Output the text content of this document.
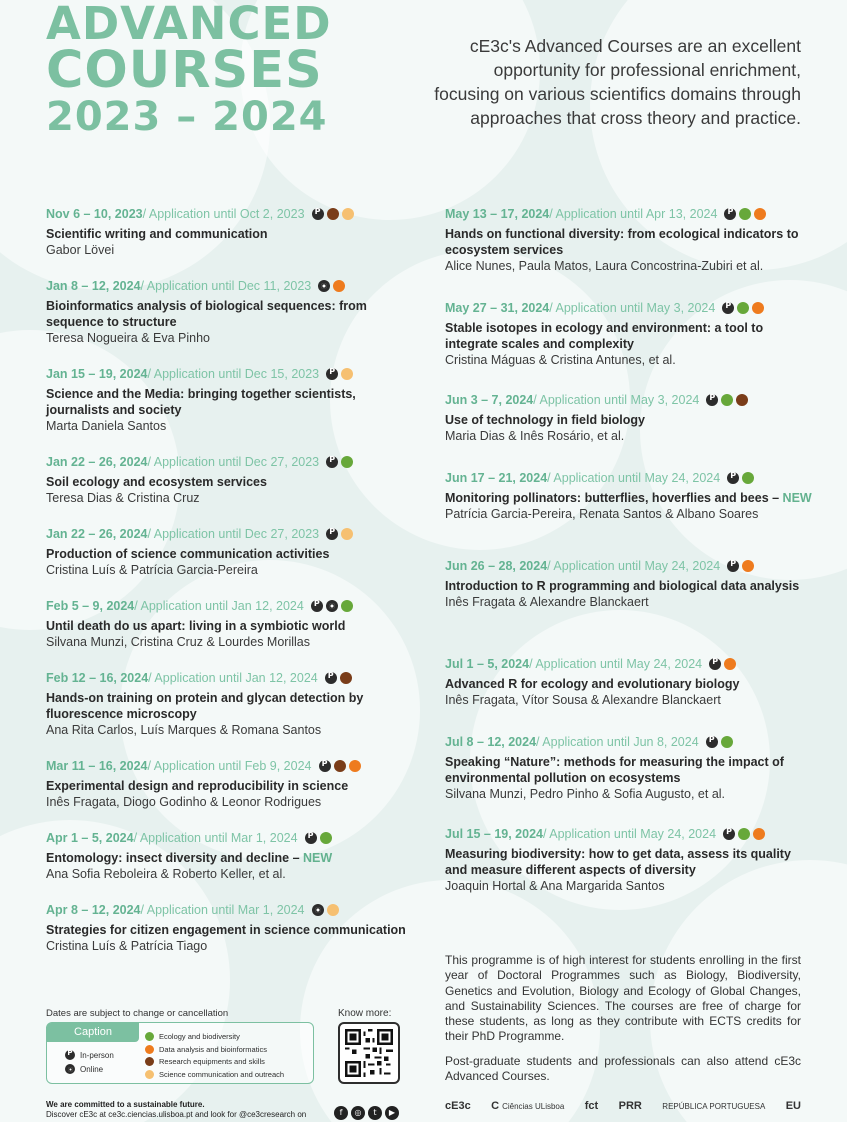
ADVANCED
COURSES
2023 – 2024

cE3c's Advanced Courses are an excellent opportunity for professional enrichment, focusing on various scientifics domains through approaches that cross theory and practice.

Nov 6 – 10, 2023 / Application until Oct 2, 2023
P
Scientific writing and communication
Gabor Lövei
Jan 8 – 12, 2024 / Application until Dec 11, 2023
Bioinformatics analysis of biological sequences: from sequence to structure
Teresa Nogueira & Eva Pinho
Jan 15 – 19, 2024 / Application until Dec 15, 2023
P
Science and the Media: bringing together scientists, journalists and society
Marta Daniela Santos
Jan 22 – 26, 2024 / Application until Dec 27, 2023
P
Soil ecology and ecosystem services
Teresa Dias & Cristina Cruz
Jan 22 – 26, 2024 / Application until Dec 27, 2023
P
Production of science communication activities
Cristina Luís & Patrícia Garcia-Pereira
Feb 5 – 9, 2024 / Application until Jan 12, 2024
P
Until death do us apart: living in a symbiotic world
Silvana Munzi, Cristina Cruz & Lourdes Morillas
Feb 12 – 16, 2024 / Application until Jan 12, 2024
P
Hands-on training on protein and glycan detection by fluorescence microscopy
Ana Rita Carlos, Luís Marques & Romana Santos
Mar 11 – 16, 2024 / Application until Feb 9, 2024
P
Experimental design and reproducibility in science
Inês Fragata, Diogo Godinho & Leonor Rodrigues
Apr 1 – 5, 2024 / Application until Mar 1, 2024
P
Entomology: insect diversity and decline – NEW
Ana Sofia Reboleira & Roberto Keller, et al.
Apr 8 – 12, 2024 / Application until Mar 1, 2024
Strategies for citizen engagement in science communication
Cristina Luís & Patrícia Tiago
May 13 – 17, 2024 / Application until Apr 13, 2024
P
Hands on functional diversity: from ecological indicators to ecosystem services
Alice Nunes, Paula Matos, Laura Concostrina-Zubiri et al.
May 27 – 31, 2024 / Application until May 3, 2024
P
Stable isotopes in ecology and environment: a tool to integrate scales and complexity
Cristina Máguas & Cristina Antunes, et al.
Jun 3 – 7, 2024 / Application until May 3, 2024
P
Use of technology in field biology
Maria Dias & Inês Rosário, et al.
Jun 17 – 21, 2024 / Application until May 24, 2024
P
Monitoring pollinators: butterflies, hoverflies and bees – NEW
Patrícia Garcia-Pereira, Renata Santos & Albano Soares
Jun 26 – 28, 2024 / Application until May 24, 2024
P
Introduction to R programming and biological data analysis
Inês Fragata & Alexandre Blanckaert
Jul 1 – 5, 2024 / Application until May 24, 2024
P
Advanced R for ecology and evolutionary biology
Inês Fragata, Vítor Sousa & Alexandre Blanckaert
Jul 8 – 12, 2024 / Application until Jun 8, 2024
P
Speaking “Nature”: methods for measuring the impact of environmental pollution on ecosystems
Silvana Munzi, Pedro Pinho & Sofia Augusto, et al.
Jul 15 – 19, 2024 / Application until May 24, 2024
P
Measuring biodiversity: how to get data, assess its quality and measure different aspects of diversity
Joaquin Hortal & Ana Margarida Santos
Dates are subject to change or cancellation
Caption
P
In-person
Online
Ecology and biodiversity
Data analysis and bioinformatics
Research equipments and skills
Science communication and outreach
Know more:
We are committed to a sustainable future.
Discover cE3c at ce3c.ciencias.ulisboa.pt and look for @ce3cresearch on	f	◎	t	▶

This programme is of high interest for students enrolling in the first year of Doctoral Programmes such as Biology, Biodiversity, Genetics and Evolution, Biology and Ecology of Global Changes, and Sustainability Sciences. The courses are free of charge for these students, as long as they contribute with ECTS credits for their PhD Programme.

Post-graduate students and professionals can also attend cE3c Advanced Courses.

cE3c C Ciências ULisboa fct PRR	REPÚBLICA PORTUGUESA EU
